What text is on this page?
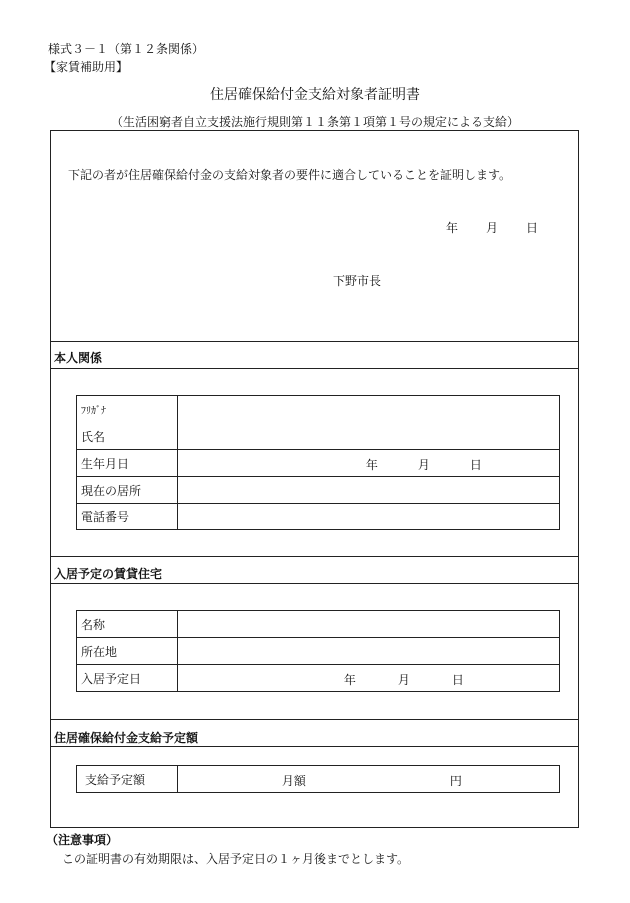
様式３－１（第１２条関係）
【家賃補助用】
住居確保給付金支給対象者証明書
（生活困窮者自立支援法施行規則第１１条第１項第１号の規定による支給）
下記の者が住居確保給付金の支給対象者の要件に適合していることを証明します。
年 月 日
下野市長
本人関係
ﾌﾘｶﾞﾅ
氏名	

生年月日	年 月 日

現在の居所	
電話番号	
入居予定の賃貸住宅
名称	
所在地	
入居予定日	年 月 日
住居確保給付金支給予定額
支給予定額	月額	円
（注意事項）
この証明書の有効期限は、入居予定日の１ヶ月後までとします。
